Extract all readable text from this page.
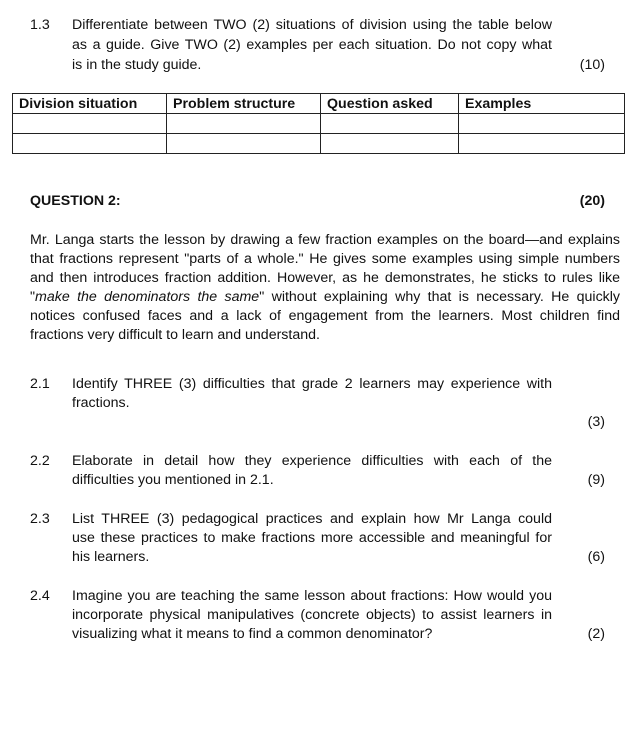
1.3 Differentiate between TWO (2) situations of division using the table below
as a guide. Give TWO (2) examples per each situation. Do not copy what
is in the study guide.	(10)
Division situation	Problem structure	Question asked	Examples

QUESTION 2:	(20)
Mr. Langa starts the lesson by drawing a few fraction examples on the board—and explains
that fractions represent "parts of a whole." He gives some examples using simple numbers
and then introduces fraction addition. However, as he demonstrates, he sticks to rules like
"make the denominators the same" without explaining why that is necessary. He quickly
notices confused faces and a lack of engagement from the learners. Most children find
fractions very difficult to learn and understand.
2.1 Identify THREE (3) difficulties that grade 2 learners may experience with
fractions.
(3)
2.2 Elaborate in detail how they experience difficulties with each of the
difficulties you mentioned in 2.1.	(9)
2.3 List THREE (3) pedagogical practices and explain how Mr Langa could
use these practices to make fractions more accessible and meaningful for
his learners.	(6)
2.4 Imagine you are teaching the same lesson about fractions: How would you
incorporate physical manipulatives (concrete objects) to assist learners in
visualizing what it means to find a common denominator?	(2)
